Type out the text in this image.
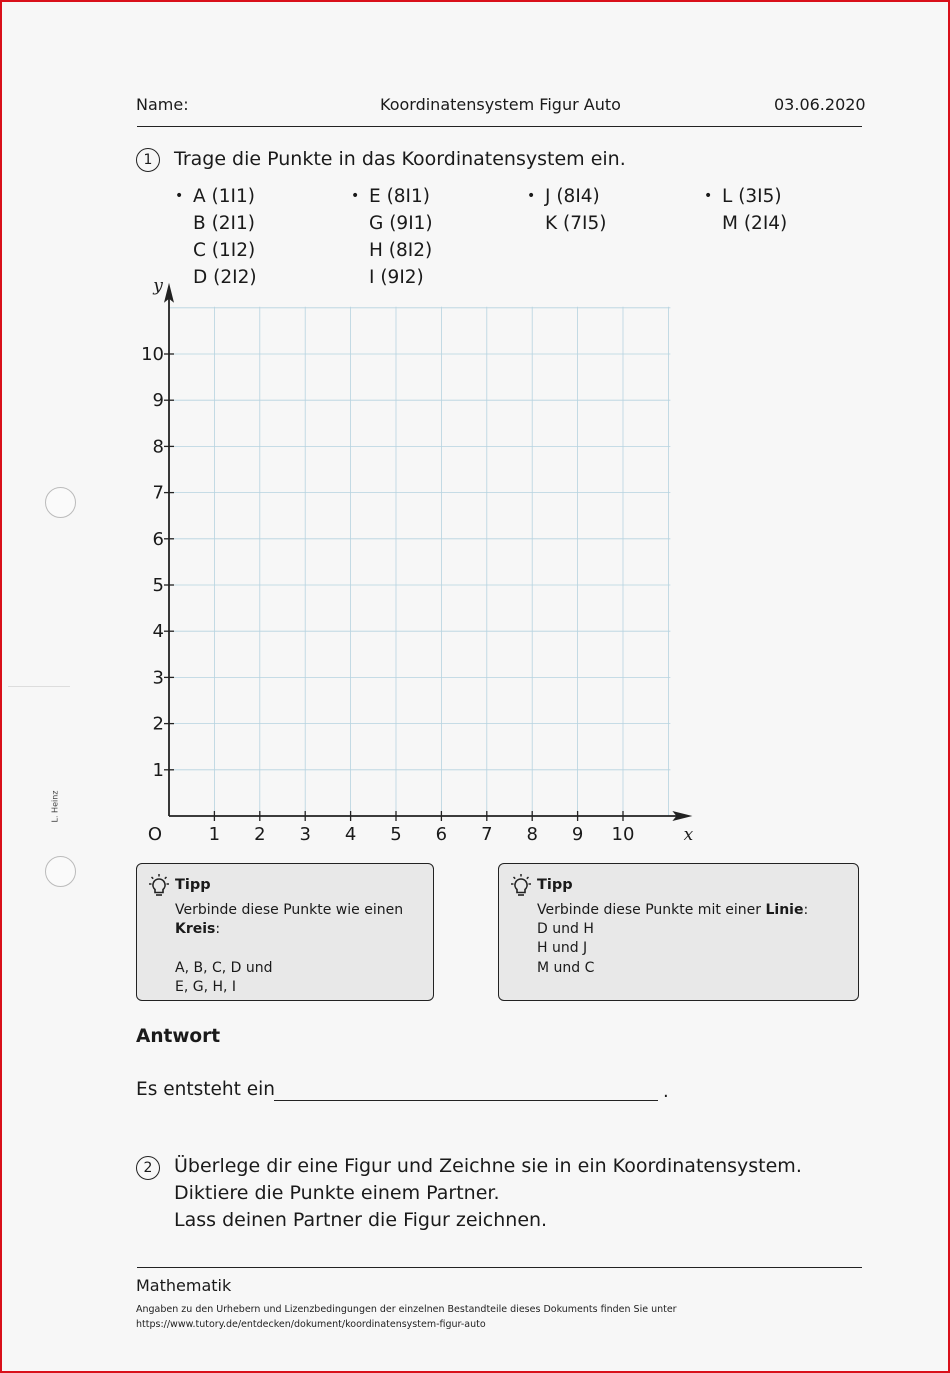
L. Heinz
Name:	Koordinatensystem Figur Auto	03.06.2020
1	Trage die Punkte in das Koordinatensystem ein.
• A (1I1)
B (2I1)
C (1I2)
D (2I2)
• E (8I1)
G (9I1)
H (8I2)
I (9I2)
• J (8I4)
K (7I5)
• L (3I5)
M (2I4)
1 2 3 4 5 6 7 8 9 10
1
2
3
4
5
6
7
8
9
10
O	x
y
Tipp
Verbinde diese Punkte wie einen
Kreis:
A, B, C, D und
E, G, H, I
Tipp
Verbinde diese Punkte mit einer Linie:
D und H
H und J
M und C
Antwort
Es entsteht ein	.
2	Überlege dir eine Figur und Zeichne sie in ein Koordinatensystem.
Diktiere die Punkte einem Partner.
Lass deinen Partner die Figur zeichnen.
Mathematik
Angaben zu den Urhebern und Lizenzbedingungen der einzelnen Bestandteile dieses Dokuments finden Sie unter
https://www.tutory.de/entdecken/dokument/koordinatensystem-figur-auto
